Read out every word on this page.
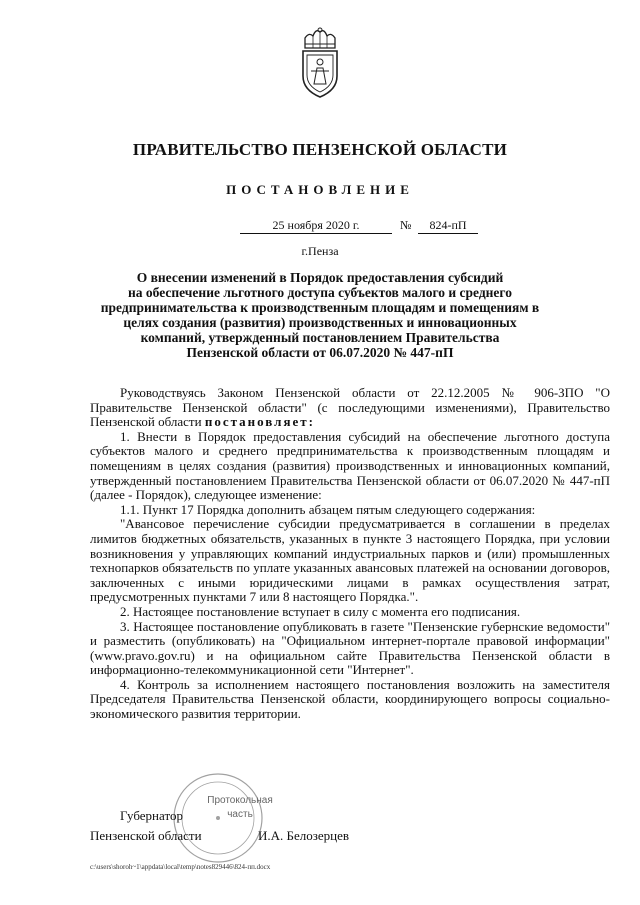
ПРАВИТЕЛЬСТВО ПЕНЗЕНСКОЙ ОБЛАСТИ
ПОСТАНОВЛЕНИЕ
25 ноября 2020 г.	№	824-пП
г.Пенза
О внесении изменений в Порядок предоставления субсидий
на обеспечение льготного доступа субъектов малого и среднего
предпринимательства к производственным площадям и помещениям в
целях создания (развития) производственных и инновационных
компаний, утвержденный постановлением Правительства
Пензенской области от 06.07.2020 № 447-пП

Руководствуясь Законом Пензенской области от 22.12.2005 № 906-ЗПО "О Правительстве Пензенской области" (с последующими изменениями), Правительство Пензенской области постановляет:

1. Внести в Порядок предоставления субсидий на обеспечение льготного доступа субъектов малого и среднего предпринимательства к производственным площадям и помещениям в целях создания (развития) производственных и инновационных компаний, утвержденный постановлением Правительства Пензенской области от 06.07.2020 № 447-пП (далее - Порядок), следующее изменение:

1.1. Пункт 17 Порядка дополнить абзацем пятым следующего содержания:

"Авансовое перечисление субсидии предусматривается в соглашении в пределах лимитов бюджетных обязательств, указанных в пункте 3 настоящего Порядка, при условии возникновения у управляющих компаний индустриальных парков и (или) промышленных технопарков обязательств по уплате указанных авансовых платежей на основании договоров, заключенных с иными юридическими лицами в рамках осуществления затрат, предусмотренных пунктами 7 или 8 настоящего Порядка.".

2. Настоящее постановление вступает в силу с момента его подписания.

3. Настоящее постановление опубликовать в газете "Пензенские губернские ведомости" и разместить (опубликовать) на "Официальном интернет-портале правовой информации" (www.pravo.gov.ru) и на официальном сайте Правительства Пензенской области в информационно-телекоммуникационной сети "Интернет".

4. Контроль за исполнением настоящего постановления возложить на заместителя Председателя Правительства Пензенской области, координирующего вопросы социально-экономического развития территории.

Протокольная
часть
Губернатор
Пензенской области	И.А. Белозерцев
c:\users\shoroh~1\appdata\local\temp\notes829446\824-пп.docx
